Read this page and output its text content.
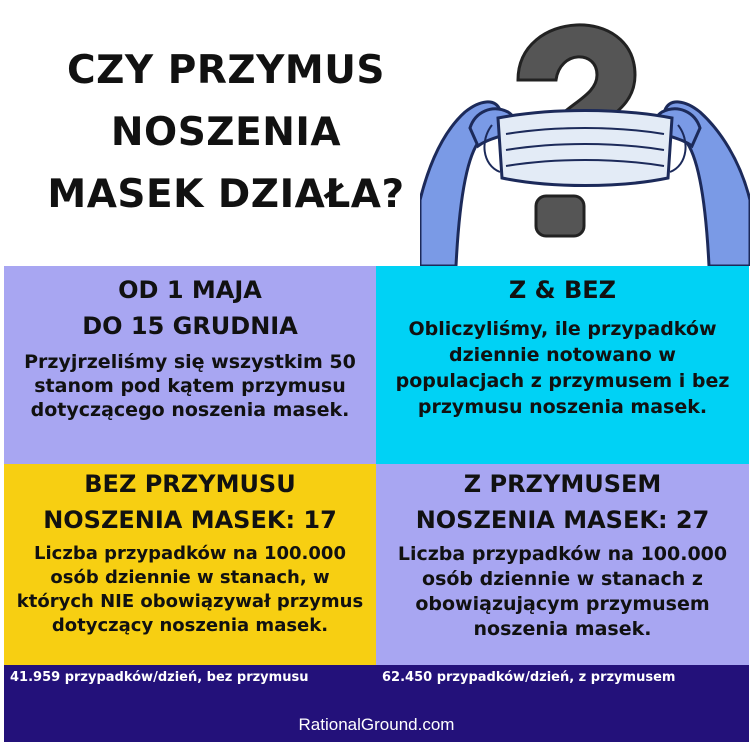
CZY PRZYMUS
NOSZENIA
MASEK DZIAŁA?
OD 1 MAJA
DO 15 GRUDNIA
Przyjrzeliśmy się wszystkim 50 stanom pod kątem przymusu dotyczącego noszenia masek.
Z & BEZ
Obliczyliśmy, ile przypadków dziennie notowano w populacjach z przymusem i bez przymusu noszenia masek.
BEZ PRZYMUSU
NOSZENIA MASEK: 17
Liczba przypadków na 100.000 osób dziennie w stanach, w których NIE obowiązywał przymus dotyczący noszenia masek.
Z PRZYMUSEM
NOSZENIA MASEK: 27
Liczba przypadków na 100.000 osób dziennie w stanach z obowiązującym przymusem noszenia masek.
41.959 przypadków/dzień, bez przymusu	62.450 przypadków/dzień, z przymusem
RationalGround.com
